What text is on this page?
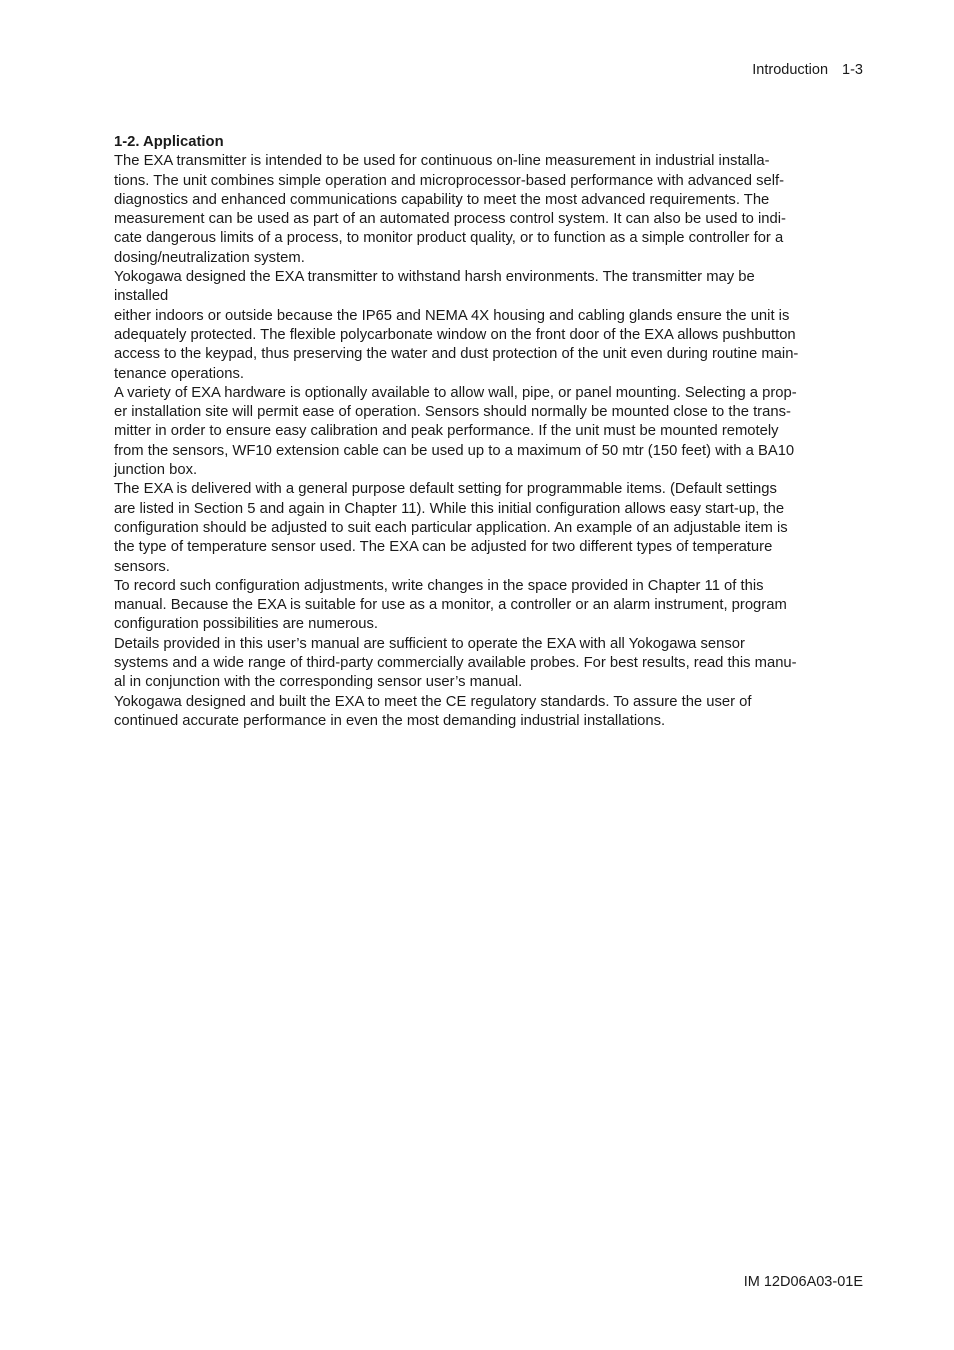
Introduction 1-3

1-2. Application

The EXA transmitter is intended to be used for continuous on-line measurement in industrial installa-
tions. The unit combines simple operation and microprocessor-based performance with advanced self-
diagnostics and enhanced communications capability to meet the most advanced requirements. The
measurement can be used as part of an automated process control system. It can also be used to indi-
cate dangerous limits of a process, to monitor product quality, or to function as a simple controller for a
dosing/neutralization system.

Yokogawa designed the EXA transmitter to withstand harsh environments. The transmitter may be
installed

either indoors or outside because the IP65 and NEMA 4X housing and cabling glands ensure the unit is
adequately protected. The flexible polycarbonate window on the front door of the EXA allows pushbutton
access to the keypad, thus preserving the water and dust protection of the unit even during routine main-
tenance operations.

A variety of EXA hardware is optionally available to allow wall, pipe, or panel mounting. Selecting a prop-
er installation site will permit ease of operation. Sensors should normally be mounted close to the trans-
mitter in order to ensure easy calibration and peak performance. If the unit must be mounted remotely
from the sensors, WF10 extension cable can be used up to a maximum of 50 mtr (150 feet) with a BA10
junction box.

The EXA is delivered with a general purpose default setting for programmable items. (Default settings
are listed in Section 5 and again in Chapter 11). While this initial configuration allows easy start-up, the
configuration should be adjusted to suit each particular application. An example of an adjustable item is
the type of temperature sensor used. The EXA can be adjusted for two different types of temperature
sensors.

To record such configuration adjustments, write changes in the space provided in Chapter 11 of this
manual. Because the EXA is suitable for use as a monitor, a controller or an alarm instrument, program
configuration possibilities are numerous.

Details provided in this user’s manual are sufficient to operate the EXA with all Yokogawa sensor
systems and a wide range of third-party commercially available probes. For best results, read this manu-
al in conjunction with the corresponding sensor user’s manual.

Yokogawa designed and built the EXA to meet the CE regulatory standards. To assure the user of
continued accurate performance in even the most demanding industrial installations.

IM 12D06A03-01E
